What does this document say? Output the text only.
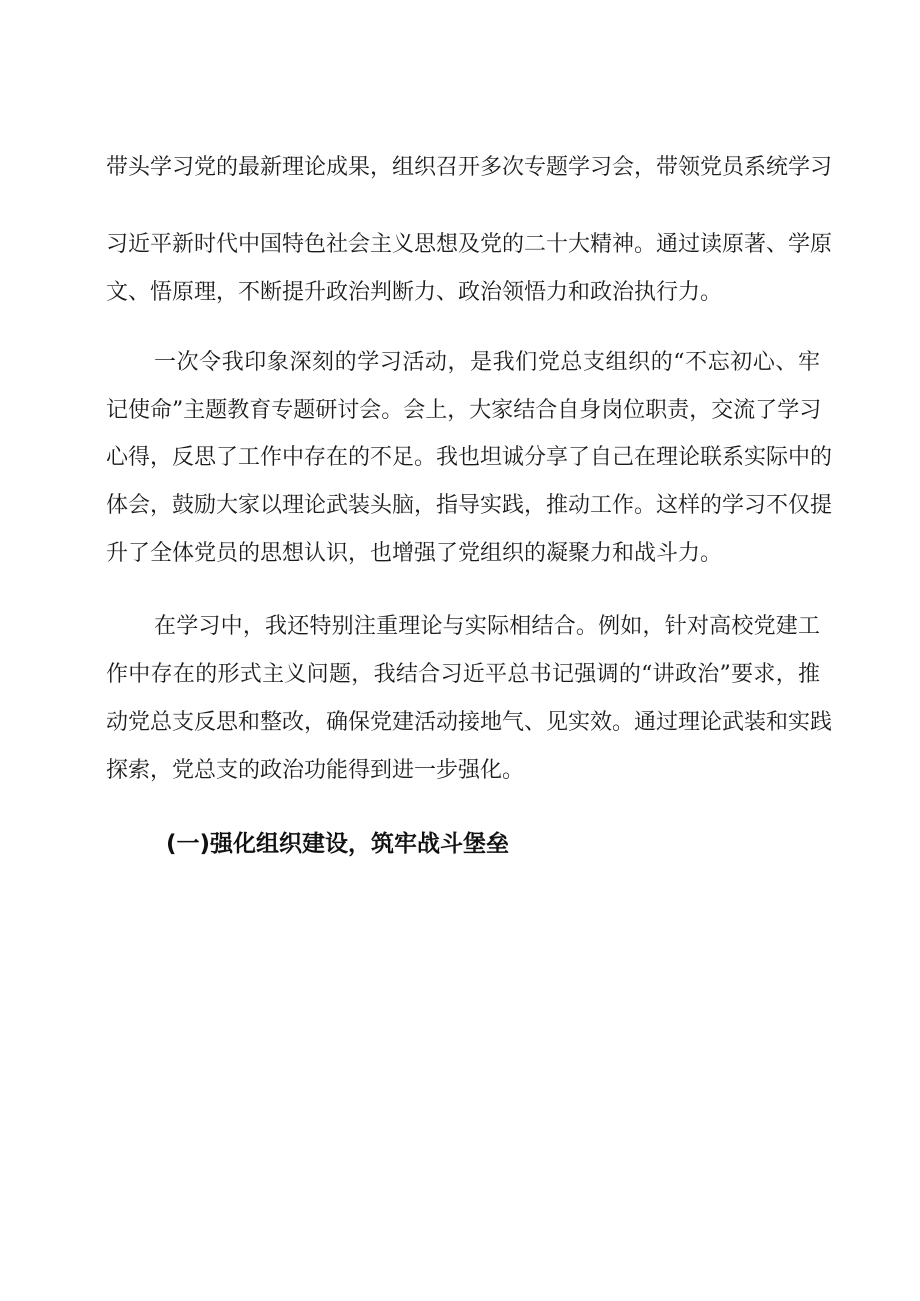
带头学习党的最新理论成果，组织召开多次专题学习会，带领党员系统学习

习近平新时代中国特色社会主义思想及党的二十大精神。通过读原著、学原

文、悟原理，不断提升政治判断力、政治领悟力和政治执行力。

一次令我印象深刻的学习活动，是我们党总支组织的“不忘初心、牢

记使命”主题教育专题研讨会。会上，大家结合自身岗位职责，交流了学习

心得，反思了工作中存在的不足。我也坦诚分享了自己在理论联系实际中的

体会，鼓励大家以理论武装头脑，指导实践，推动工作。这样的学习不仅提

升了全体党员的思想认识，也增强了党组织的凝聚力和战斗力。

在学习中，我还特别注重理论与实际相结合。例如，针对高校党建工

作中存在的形式主义问题，我结合习近平总书记强调的“讲政治”要求，推

动党总支反思和整改，确保党建活动接地气、见实效。通过理论武装和实践

探索，党总支的政治功能得到进一步强化。

(一)强化组织建设，筑牢战斗堡垒
